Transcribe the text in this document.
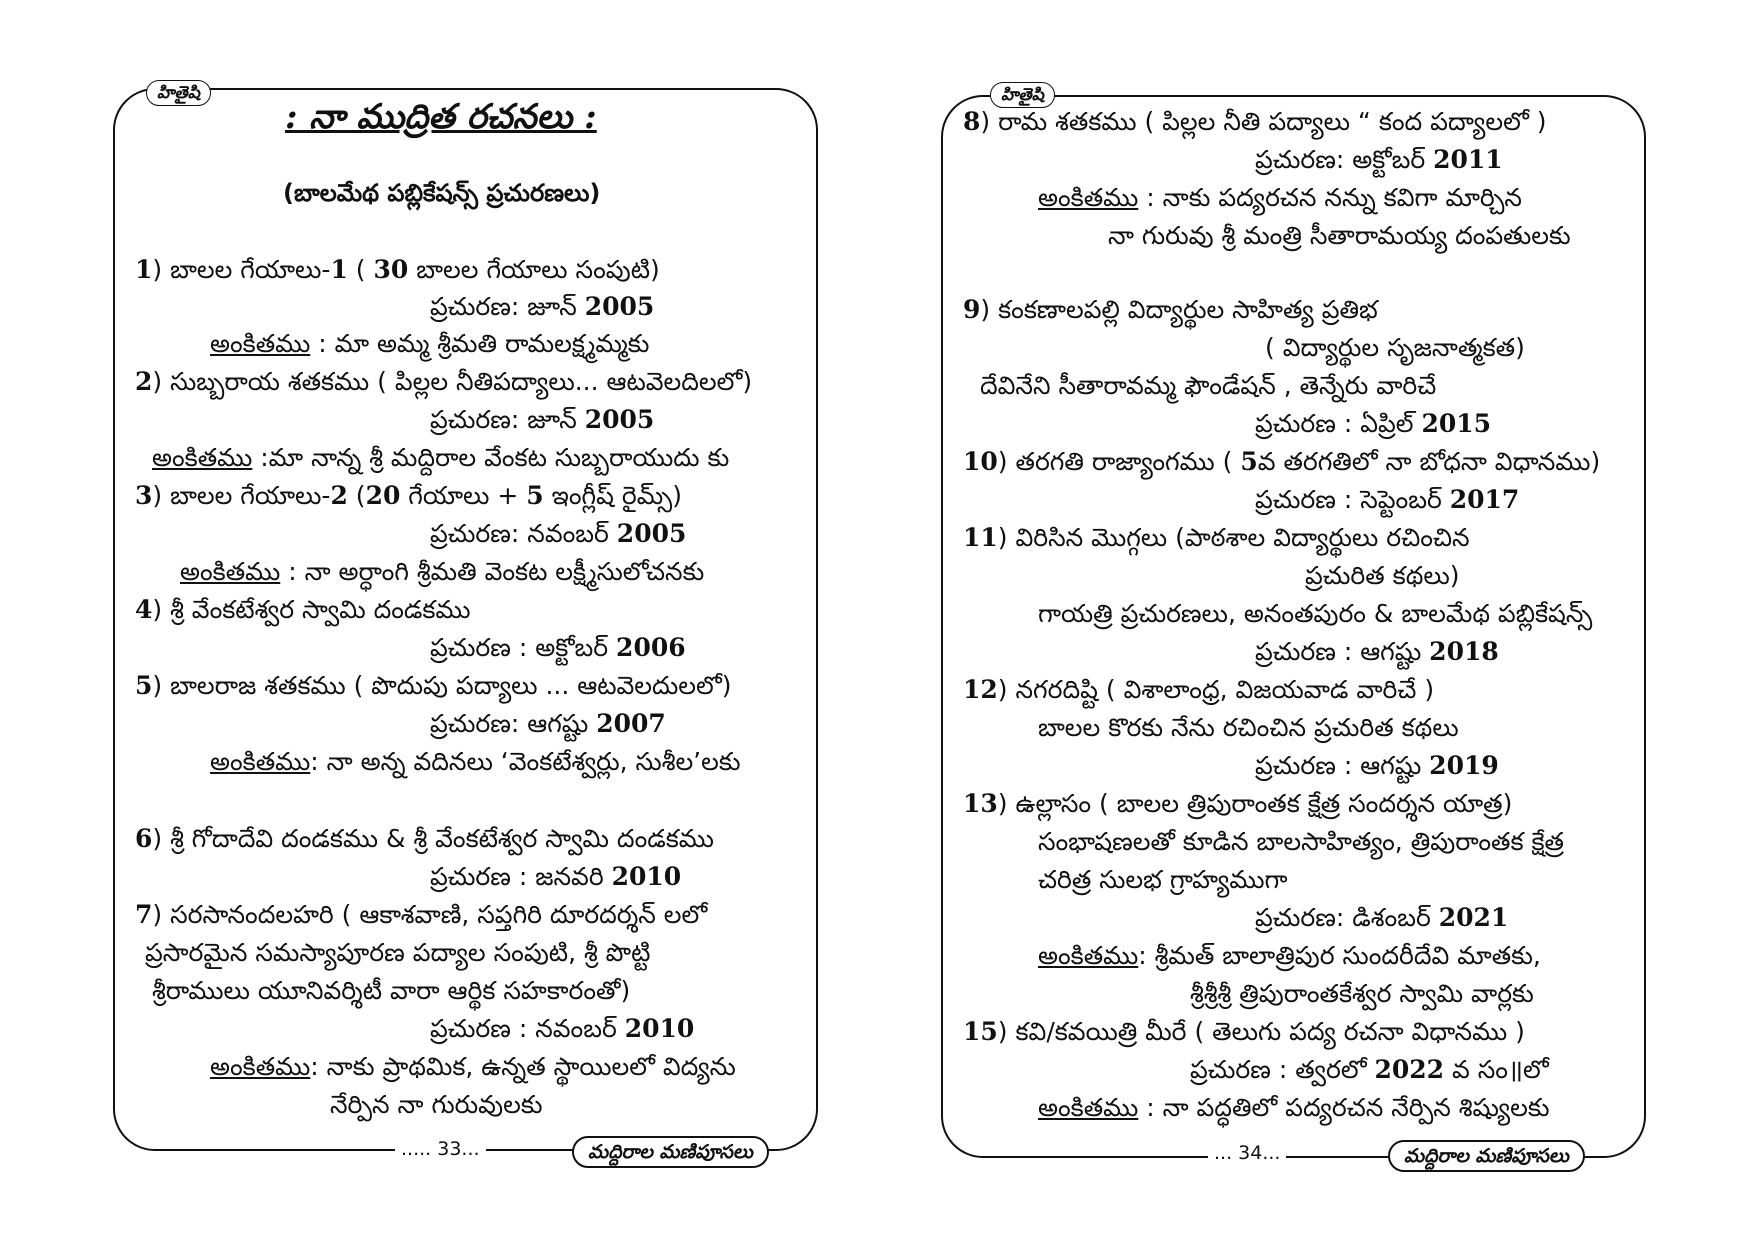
హితైషి
: నా ముద్రిత రచనలు :
(బాలమేథ పబ్లికేషన్స్ ప్రచురణలు)
1) బాలల గేయాలు-1 ( 30 బాలల గేయాలు సంపుటి)
ప్రచురణ: జూన్ 2005
అంకితము : మా అమ్మ శ్రీమతి రామలక్ష్మమ్మకు
2) సుబ్బరాయ శతకము ( పిల్లల నీతిపద్యాలు... ఆటవెలదిలలో)
ప్రచురణ: జూన్ 2005
అంకితము :మా నాన్న శ్రీ మద్దిరాల వేంకట సుబ్బరాయుదు కు
3) బాలల గేయాలు-2 (20 గేయాలు + 5 ఇంగ్లీష్ రైమ్స్)
ప్రచురణ: నవంబర్ 2005
అంకితము : నా అర్ధాంగి శ్రీమతి వెంకట లక్ష్మీసులోచనకు
4) శ్రీ వేంకటేశ్వర స్వామి దండకము
ప్రచురణ : అక్టోబర్ 2006
5) బాలరాజ శతకము ( పొదుపు పద్యాలు ... ఆటవెలదులలో)
ప్రచురణ: ఆగష్టు 2007
అంకితము: నా అన్న వదినలు ‘వెంకటేశ్వర్లు, సుశీల’లకు
6) శ్రీ గోదాదేవి దండకము & శ్రీ వేంకటేశ్వర స్వామి దండకము
ప్రచురణ : జనవరి 2010
7) సరసానందలహరి ( ఆకాశవాణి, సప్తగిరి దూరదర్శన్ లలో
ప్రసారమైన సమస్యాపూరణ పద్యాల సంపుటి, శ్రీ పొట్టి
శ్రీరాములు యూనివర్శిటీ వారా ఆర్థిక సహకారంతో)
ప్రచురణ : నవంబర్ 2010
అంకితము: నాకు ప్రాథమిక, ఉన్నత స్థాయిలలో విద్యను
నేర్పిన నా గురువులకు
..... 33...	మద్దిరాల మణిపూసలు
హితైషి
8) రామ శతకము ( పిల్లల నీతి పద్యాలు “ కంద పద్యాలలో )
ప్రచురణ: అక్టోబర్ 2011
అంకితము : నాకు పద్యరచన నన్ను కవిగా మార్చిన
నా గురువు శ్రీ మంత్రి సీతారామయ్య దంపతులకు
9) కంకణాలపల్లి విద్యార్థుల సాహిత్య ప్రతిభ
( విద్యార్థుల సృజనాత్మకత)
దేవినేని సీతారావమ్మ ఫౌండేషన్ , తెన్నేరు వారిచే
ప్రచురణ : ఏప్రిల్ 2015
10) తరగతి రాజ్యాంగము ( 5వ తరగతిలో నా బోధనా విధానము)
ప్రచురణ : సెప్టెంబర్ 2017
11) విరిసిన మొగ్గలు (పాఠశాల విద్యార్థులు రచించిన
ప్రచురిత కథలు)
గాయత్రి ప్రచురణలు, అనంతపురం & బాలమేథ పబ్లికేషన్స్
ప్రచురణ : ఆగష్టు 2018
12) నగరదిష్టి ( విశాలాంధ్ర, విజయవాడ వారిచే )
బాలల కొరకు నేను రచించిన ప్రచురిత కథలు
ప్రచురణ : ఆగష్టు 2019
13) ఉల్లాసం ( బాలల త్రిపురాంతక క్షేత్ర సందర్శన యాత్ర)
సంభాషణలతో కూడిన బాలసాహిత్యం, త్రిపురాంతక క్షేత్ర
చరిత్ర సులభ గ్రాహ్యముగా
ప్రచురణ: డిశంబర్ 2021
అంకితము: శ్రీమత్ బాలాత్రిపుర సుందరీదేవి మాతకు,
శ్రీశ్రీశ్రీ త్రిపురాంతకేశ్వర స్వామి వార్లకు
15) కవి/కవయిత్రి మీరే ( తెలుగు పద్య రచనా విధానము )
ప్రచురణ : త్వరలో 2022 వ సం॥లో
అంకితము : నా పద్ధతిలో పద్యరచన నేర్పిన శిష్యులకు
... 34...	మద్దిరాల మణిపూసలు
